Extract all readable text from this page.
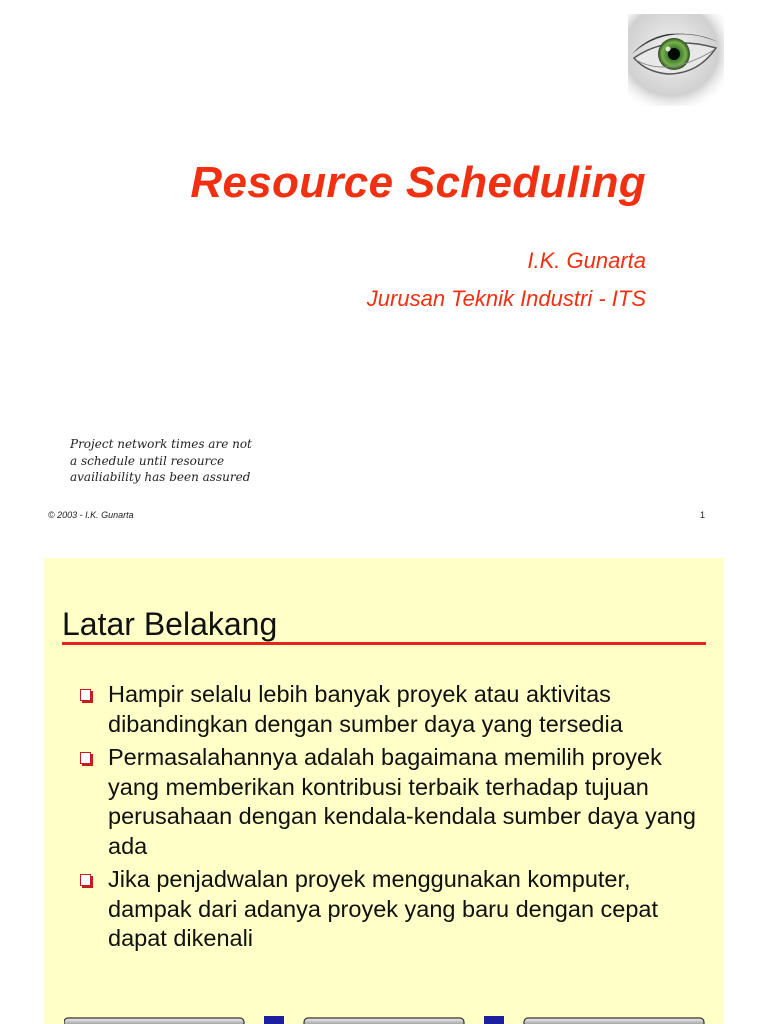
Resource Scheduling
I.K. Gunarta
Jurusan Teknik Industri - ITS
Project network times are not
a schedule until resource
availiability has been assured
© 2003 - I.K. Gunarta	1
Latar Belakang
Hampir selalu lebih banyak proyek atau aktivitas dibandingkan dengan sumber daya yang tersedia
Permasalahannya adalah bagaimana memilih proyek yang memberikan kontribusi terbaik terhadap tujuan perusahaan dengan kendala-kendala sumber daya yang ada
Jika penjadwalan proyek menggunakan komputer, dampak dari adanya proyek yang baru dengan cepat dapat dikenali
